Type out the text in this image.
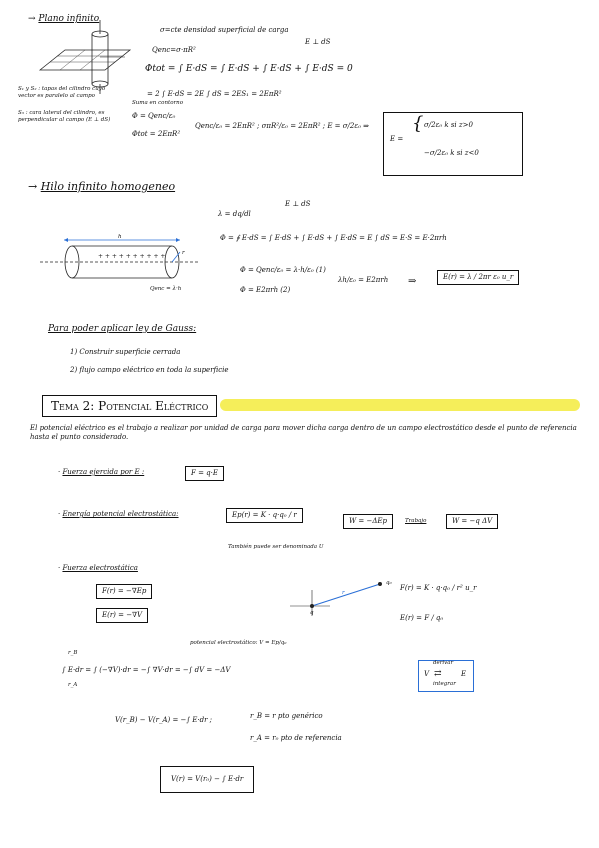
→ Plano infinito
S₁ y S₂ : tapas del cilindro cuyo vector es paralelo al campo
S₃ : cara lateral del cilindro, es perpendicular al campo (E ⊥ dS)
σ=cte densidad superficial de carga
Qenc=σ·πR²
E ⊥ dS
Φtot = ∫ E·dS = ∫ E·dS + ∫ E·dS + ∫ E·dS = 0
= 2 ∫ E·dS = 2E ∫ dS = 2ES₁ = 2EπR²
Suma en contorno
Φ = Qenc/ε₀
Φtot = 2EπR²
Qenc/ε₀ = 2EπR² ; σπR²/ε₀ = 2EπR² ; E = σ/2ε₀ ⇒
E =
{ σ/2ε₀ k si z>0
−σ/2ε₀ k si z<0
→ Hilo infinito homogeneo
+ + + + + + + + + +
h
r
Qenc = λ·h
λ = dq/dl
E ⊥ dS
Φ = ∮ E·dS = ∫ E·dS + ∫ E·dS + ∫ E·dS = E ∫ dS = E·S = E·2πrh
Φ = Qenc/ε₀ = λ·h/ε₀ (1)
Φ = E2πrh (2)
λh/ε₀ = E2πrh ⇒	E(r) = λ / 2πr ε₀ u_r
Para poder aplicar ley de Gauss:
1) Construir superficie cerrada
2) flujo campo eléctrico en toda la superficie
Tema 2: Potencial Eléctrico
El potencial eléctrico es el trabajo a realizar por unidad de carga para mover dicha carga dentro de un campo electrostático desde el punto de referencia hasta el punto considerado.
· Fuerza ejercida por E :	F = q·E
· Energía potencial electrostática:	Ep(r) = K · q·q₀ / r
También puede ser denominada U
W = −ΔEp	Trabajo	W = −q ΔV
· Fuerza electrostática
F(r) = −∇Ep
E(r) = −∇V
potencial electrostático: V = Ep/q₀
q₀
q
r
F(r) = K · q·q₀ / r² u_r
E(r) = F / q₀
V
derivar
⇄
integrar
E
r_B
∫ E·dr = ∫ (−∇V)·dr = −∫ ∇V·dr = −∫ dV = −ΔV
r_A
V(r_B) − V(r_A) = −∫ E·dr ;	r_B = r pto genérico
r_A = r₀ pto de referencia
V(r) = V(r₀) − ∫ E·dr
